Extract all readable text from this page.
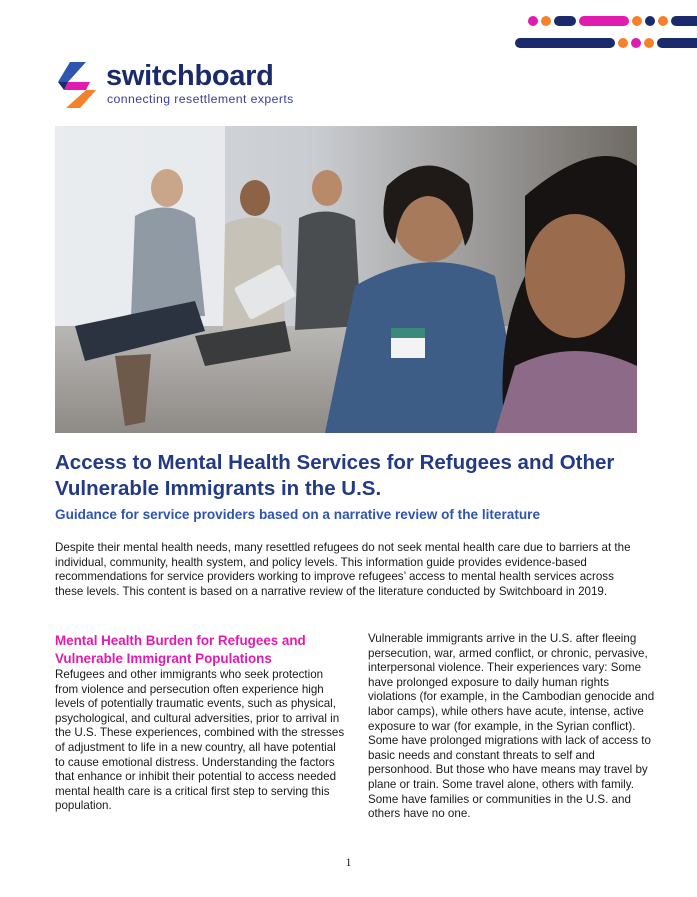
switchboard
connecting resettlement experts
Access to Mental Health Services for Refugees and Other Vulnerable Immigrants in the U.S.
Guidance for service providers based on a narrative review of the literature

Despite their mental health needs, many resettled refugees do not seek mental health care due to barriers at the individual, community, health system, and policy levels. This information guide provides evidence-based recommendations for service providers working to improve refugees’ access to mental health services across these levels. This content is based on a narrative review of the literature conducted by Switchboard in 2019.

Mental Health Burden for Refugees and Vulnerable Immigrant Populations

Refugees and other immigrants who seek protection from violence and persecution often experience high levels of potentially traumatic events, such as physical, psychological, and cultural adversities, prior to arrival in the U.S. These experiences, combined with the stresses of adjustment to life in a new country, all have potential to cause emotional distress. Understanding the factors that enhance or inhibit their potential to access needed mental health care is a critical first step to serving this population.

Vulnerable immigrants arrive in the U.S. after fleeing persecution, war, armed conflict, or chronic, pervasive, interpersonal violence. Their experiences vary: Some have prolonged exposure to daily human rights violations (for example, in the Cambodian genocide and labor camps), while others have acute, intense, active exposure to war (for example, in the Syrian conflict). Some have prolonged migrations with lack of access to basic needs and constant threats to self and personhood. But those who have means may travel by plane or train. Some travel alone, others with family. Some have families or communities in the U.S. and others have no one.

1
